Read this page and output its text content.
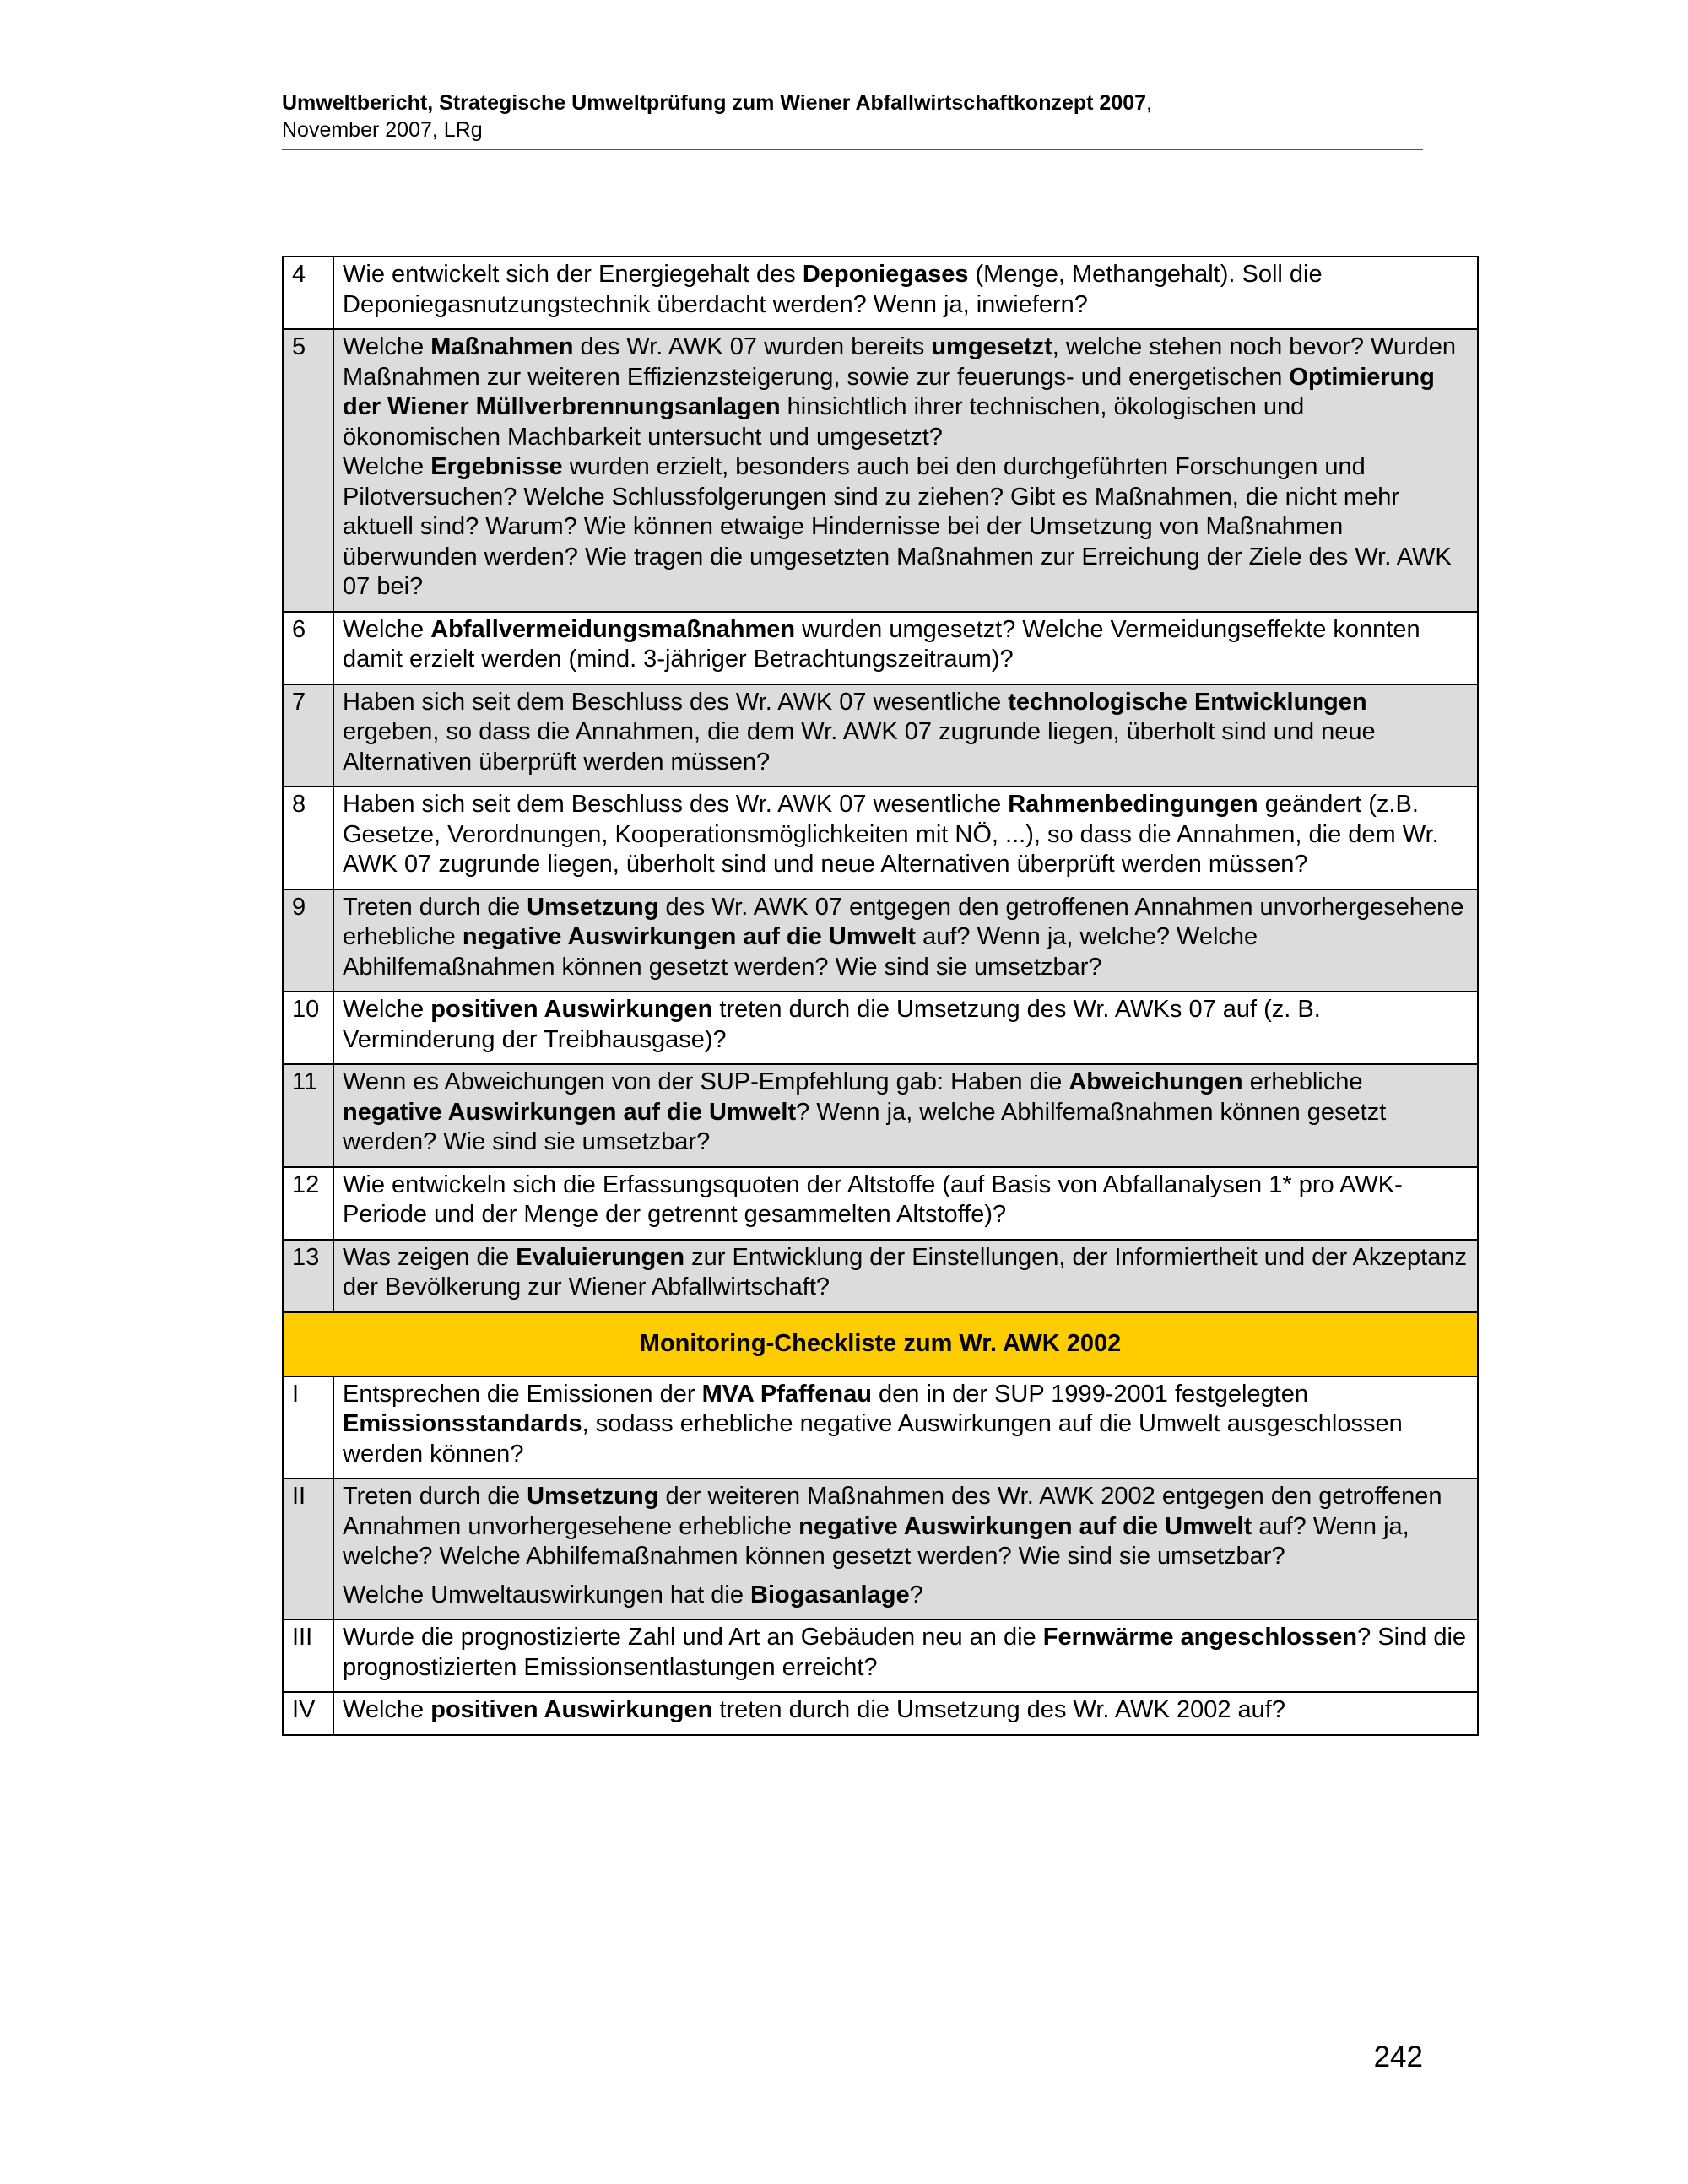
Umweltbericht, Strategische Umweltprüfung zum Wiener Abfallwirtschaftkonzept 2007,
November 2007, LRg
4	Wie entwickelt sich der Energiegehalt des Deponiegases (Menge, Methangehalt). Soll die Deponiegasnutzungstechnik überdacht werden? Wenn ja, inwiefern?

5	Welche Maßnahmen des Wr. AWK 07 wurden bereits umgesetzt, welche stehen noch bevor? Wurden Maßnahmen zur weiteren Effizienzsteigerung, sowie zur feuerungs- und energetischen Optimierung der Wiener Müllverbrennungsanlagen hinsichtlich ihrer technischen, ökologischen und ökonomischen Machbarkeit untersucht und umgesetzt?
Welche Ergebnisse wurden erzielt, besonders auch bei den durchgeführten Forschungen und Pilotversuchen? Welche Schlussfolgerungen sind zu ziehen? Gibt es Maßnahmen, die nicht mehr aktuell sind? Warum? Wie können etwaige Hindernisse bei der Umsetzung von Maßnahmen überwunden werden? Wie tragen die umgesetzten Maßnahmen zur Erreichung der Ziele des Wr. AWK 07 bei?

6	Welche Abfallvermeidungsmaßnahmen wurden umgesetzt? Welche Vermeidungseffekte konnten damit erzielt werden (mind. 3-jähriger Betrachtungszeitraum)?

7	Haben sich seit dem Beschluss des Wr. AWK 07 wesentliche technologische Entwicklungen ergeben, so dass die Annahmen, die dem Wr. AWK 07 zugrunde liegen, überholt sind und neue Alternativen überprüft werden müssen?

8	Haben sich seit dem Beschluss des Wr. AWK 07 wesentliche Rahmenbedingungen geändert (z.B. Gesetze, Verordnungen, Kooperationsmöglichkeiten mit NÖ, ...), so dass die Annahmen, die dem Wr. AWK 07 zugrunde liegen, überholt sind und neue Alternativen überprüft werden müssen?

9	Treten durch die Umsetzung des Wr. AWK 07 entgegen den getroffenen Annahmen unvorhergesehene erhebliche negative Auswirkungen auf die Umwelt auf? Wenn ja, welche? Welche Abhilfemaßnahmen können gesetzt werden? Wie sind sie umsetzbar?

10	Welche positiven Auswirkungen treten durch die Umsetzung des Wr. AWKs 07 auf (z. B. Verminderung der Treibhausgase)?

11	Wenn es Abweichungen von der SUP-Empfehlung gab: Haben die Abweichungen erhebliche negative Auswirkungen auf die Umwelt? Wenn ja, welche Abhilfemaßnahmen können gesetzt werden? Wie sind sie umsetzbar?

12	Wie entwickeln sich die Erfassungsquoten der Altstoffe (auf Basis von Abfallanalysen 1* pro AWK-Periode und der Menge der getrennt gesammelten Altstoffe)?

13	Was zeigen die Evaluierungen zur Entwicklung der Einstellungen, der Informiertheit und der Akzeptanz der Bevölkerung zur Wiener Abfallwirtschaft?

Monitoring-Checkliste zum Wr. AWK 2002	
I	Entsprechen die Emissionen der MVA Pfaffenau den in der SUP 1999-2001 festgelegten Emissionsstandards, sodass erhebliche negative Auswirkungen auf die Umwelt ausgeschlossen werden können?

II	Treten durch die Umsetzung der weiteren Maßnahmen des Wr. AWK 2002 entgegen den getroffenen Annahmen unvorhergesehene erhebliche negative Auswirkungen auf die Umwelt auf? Wenn ja, welche? Welche Abhilfemaßnahmen können gesetzt werden? Wie sind sie umsetzbar?
Welche Umweltauswirkungen hat die Biogasanlage?

III	Wurde die prognostizierte Zahl und Art an Gebäuden neu an die Fernwärme angeschlossen? Sind die prognostizierten Emissionsentlastungen erreicht?

IV	Welche positiven Auswirkungen treten durch die Umsetzung des Wr. AWK 2002 auf?
242
